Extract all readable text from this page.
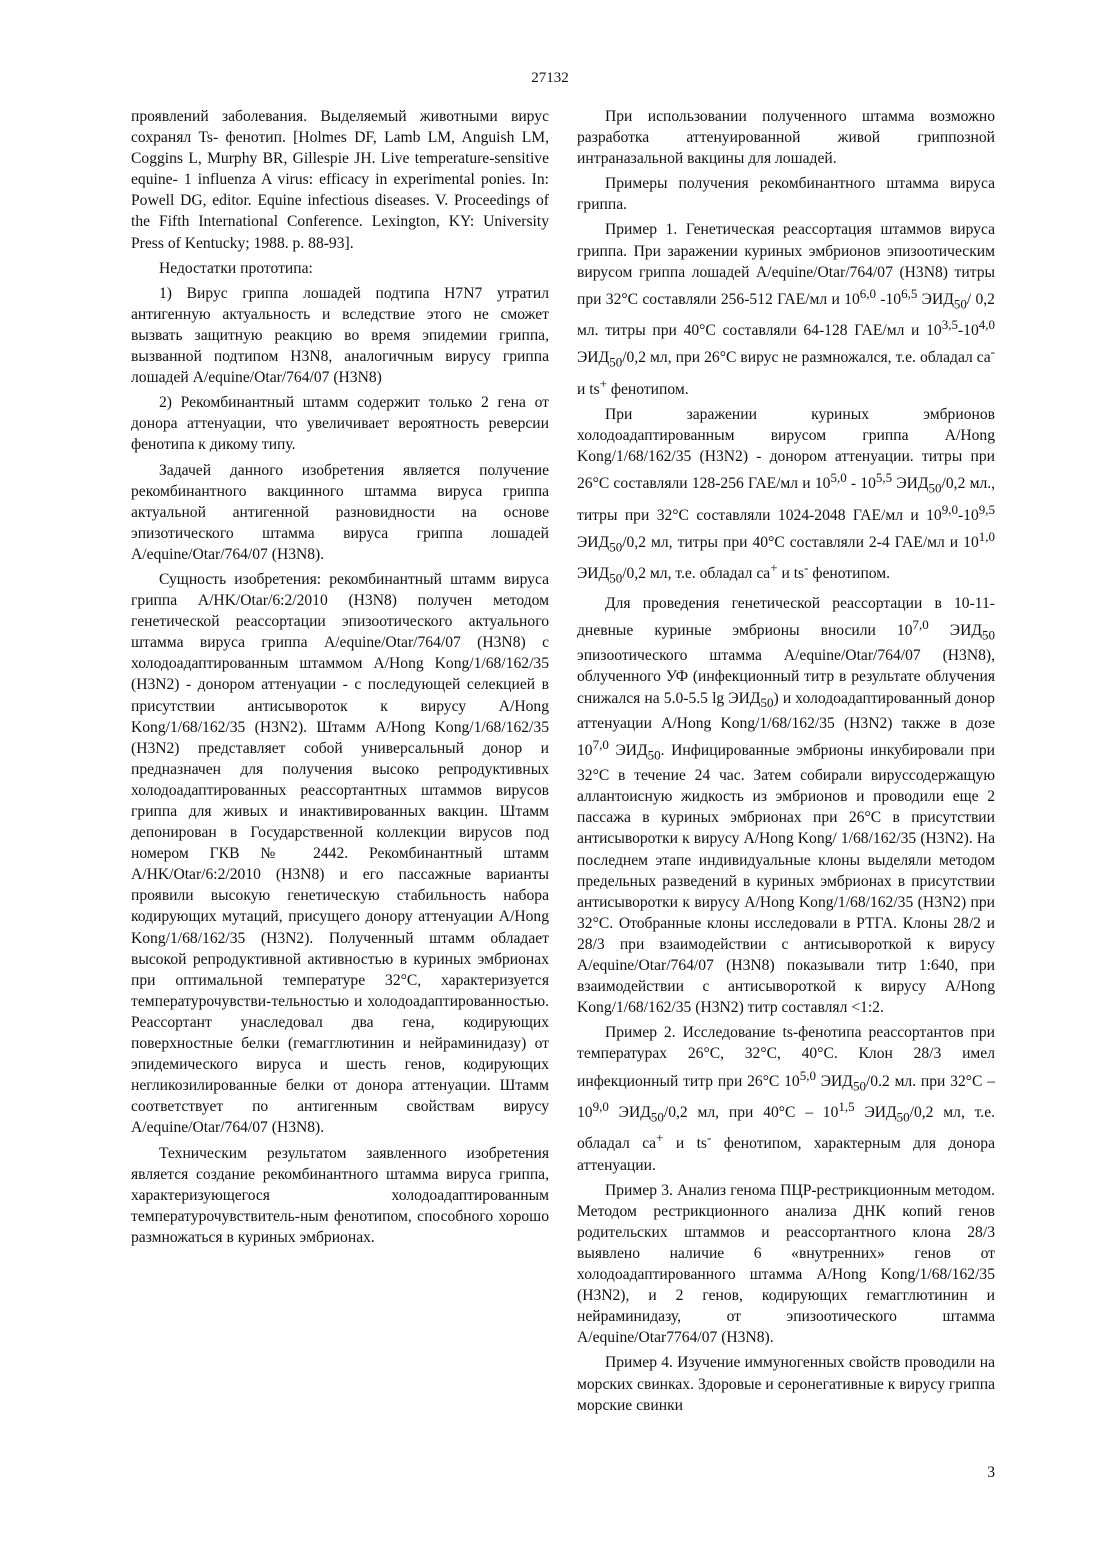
27132

проявлений заболевания. Выделяемый животными вирус сохранял Ts- фенотип. [Holmes DF, Lamb LM, Anguish LM, Coggins L, Murphy BR, Gillespie JH. Live temperature-sensitive equine- 1 influenza A virus: efficacy in experimental ponies. In: Powell DG, editor. Equine infectious diseases. V. Proceedings of the Fifth International Conference. Lexington, KY: University Press of Kentucky; 1988. p. 88-93].

Недостатки прототипа:

1) Вирус гриппа лошадей подтипа H7N7 утратил антигенную актуальность и вследствие этого не сможет вызвать защитную реакцию во время эпидемии гриппа, вызванной подтипом H3N8, аналогичным вирусу гриппа лошадей A/equine/Otar/764/07 (H3N8)

2) Рекомбинантный штамм содержит только 2 гена от донора аттенуации, что увеличивает вероятность реверсии фенотипа к дикому типу.

Задачей данного изобретения является получение рекомбинантного вакцинного штамма вируса гриппа актуальной антигенной разновидности на основе эпизотического штамма вируса гриппа лошадей A/equine/Otar/764/07 (H3N8).

Сущность изобретения: рекомбинантный штамм вируса гриппа A/HK/Otar/6:2/2010 (H3N8) получен методом генетической реассортации эпизоотического актуального штамма вируса гриппа A/equine/Otar/764/07 (H3N8) с холодоадаптированным штаммом A/Hong Kong/1/68/162/35 (H3N2) - донором аттенуации - с последующей селекцией в присутствии антисывороток к вирусу A/Hong Kong/1/68/162/35 (H3N2). Штамм A/Hong Kong/1/68/162/35 (H3N2) представляет собой универсальный донор и предназначен для получения высоко репродуктивных холодоадаптированных реассортантных штаммов вирусов гриппа для живых и инактивированных вакцин. Штамм депонирован в Государственной коллекции вирусов под номером ГКВ № 2442. Рекомбинантный штамм A/HK/Otar/6:2/2010 (H3N8) и его пассажные варианты проявили высокую генетическую стабильность набора кодирующих мутаций, присущего донору аттенуации A/Hong Kong/1/68/162/35 (H3N2). Полученный штамм обладает высокой репродуктивной активностью в куриных эмбрионах при оптимальной температуре 32°С, характеризуется температурочувстви-тельностью и холодоадаптированностью. Реассортант унаследовал два гена, кодирующих поверхностные белки (гемагглютинин и нейраминидазу) от эпидемического вируса и шесть генов, кодирующих негликозилированные белки от донора аттенуации. Штамм соответствует по антигенным свойствам вирусу A/equine/Otar/764/07 (H3N8).

Техническим результатом заявленного изобретения является создание рекомбинантного штамма вируса гриппа, характеризующегося холодоадаптированным температурочувствитель-ным фенотипом, способного хорошо размножаться в куриных эмбрионах.

При использовании полученного штамма возможно разработка аттенуированной живой гриппозной интраназальной вакцины для лошадей.

Примеры получения рекомбинантного штамма вируса гриппа.

Пример 1. Генетическая реассортация штаммов вируса гриппа. При заражении куриных эмбрионов эпизоотическим вирусом гриппа лошадей A/equine/Otar/764/07 (H3N8) титры при 32°С составляли 256-512 ГАЕ/мл и 10$^{6,0}$ -10$^{6,5}$ $ЭИД_{50}/$ 0,2 мл. титры при 40°С составляли 64-128 ГАЕ/мл и 10$^{3,5}$-10$^{4,0}$ $ЭИД_{50}/0,2$ мл, при 26°С вирус не размножался, т.е. обладал ca- и ts+ фенотипом.

При заражении куриных эмбрионов холодоадаптированным вирусом гриппа A/Hong Kong/1/68/162/35 (H3N2) - донором аттенуации. титры при 26°С составляли 128-256 ГАЕ/мл и 10$^{5,0}$ - 10$^{5,5}$ $ЭИД_{50}/0,2$ мл., титры при 32°С составляли 1024-2048 ГАЕ/мл и 10$^{9,0}$-10$^{9,5}$ $ЭИД_{50}/0,2$ мл, титры при 40°С составляли 2-4 ГАЕ/мл и 10$^{1,0}$ $ЭИД_{50}/0,2$ мл, т.е. обладал ca+ и ts- фенотипом.

Для проведения генетической реассортации в 10-11-дневные куриные эмбрионы вносили 10$^{7,0}$ $ЭИД_{50}$ эпизоотического штамма A/equine/Otar/764/07 (H3N8), облученного УФ (инфекционный титр в результате облучения снижался на 5.0-5.5 $\lg ЭИД_{50}$) и холодоадаптированный донор аттенуации A/Hong Kong/1/68/162/35 (H3N2) также в дозе 10$^{7,0}$ $ЭИД_{50}$. Инфицированные эмбрионы инкубировали при 32°С в течение 24 час. Затем собирали вируссодержащую аллантоисную жидкость из эмбрионов и проводили еще 2 пассажа в куриных эмбрионах при 26°С в присутствии антисыворотки к вирусу A/Hong Kong/ 1/68/162/35 (H3N2). На последнем этапе индивидуальные клоны выделяли методом предельных разведений в куриных эмбрионах в присутствии антисыворотки к вирусу A/Hong Kong/1/68/162/35 (H3N2) при 32°С. Отобранные клоны исследовали в РТГА. Клоны 28/2 и 28/3 при взаимодействии с антисывороткой к вирусу A/equine/Otar/764/07 (H3N8) показывали титр 1:640, при взаимодействии с антисывороткой к вирусу A/Hong Kong/1/68/162/35 (H3N2) титр составлял <1:2.

Пример 2. Исследование ts-фенотипа реассортантов при температурах 26°С, 32°С, 40°С. Клон 28/3 имел инфекционный титр при 26°С 10$^{5,0}$ $ЭИД_{50}/0.2$ мл. при 32°С – 10$^{9,0}$ $ЭИД_{50}/0,2$ мл, при 40°С – 10$^{1,5}$ $ЭИД_{50}/0,2$ мл, т.е. обладал ca+ и ts- фенотипом, характерным для донора аттенуации.

Пример 3. Анализ генома ПЦР-рестрикционным методом. Методом рестрикционного анализа ДНК копий генов родительских штаммов и реассортантного клона 28/3 выявлено наличие 6 «внутренних» генов от холодоадаптированного штамма A/Hong Kong/1/68/162/35 (H3N2), и 2 генов, кодирующих гемагглютинин и нейраминидазу, от эпизоотического штамма A/equine/Otar7764/07 (H3N8).

Пример 4. Изучение иммуногенных свойств проводили на морских свинках. Здоровые и серонегативные к вирусу гриппа морские свинки

3
